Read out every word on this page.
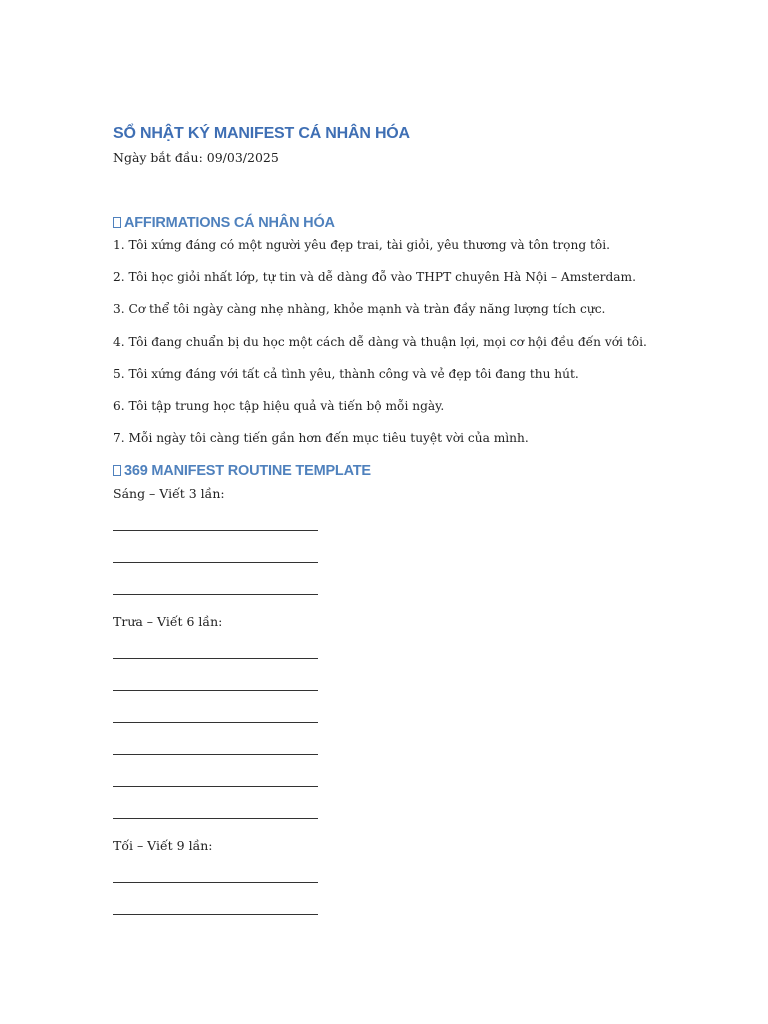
SỔ NHẬT KÝ MANIFEST CÁ NHÂN HÓA
Ngày bắt đầu: 09/03/2025
AFFIRMATIONS CÁ NHÂN HÓA
1. Tôi xứng đáng có một người yêu đẹp trai, tài giỏi, yêu thương và tôn trọng tôi.
2. Tôi học giỏi nhất lớp, tự tin và dễ dàng đỗ vào THPT chuyên Hà Nội – Amsterdam.
3. Cơ thể tôi ngày càng nhẹ nhàng, khỏe mạnh và tràn đầy năng lượng tích cực.
4. Tôi đang chuẩn bị du học một cách dễ dàng và thuận lợi, mọi cơ hội đều đến với tôi.
5. Tôi xứng đáng với tất cả tình yêu, thành công và vẻ đẹp tôi đang thu hút.
6. Tôi tập trung học tập hiệu quả và tiến bộ mỗi ngày.
7. Mỗi ngày tôi càng tiến gần hơn đến mục tiêu tuyệt vời của mình.
369 MANIFEST ROUTINE TEMPLATE
Sáng – Viết 3 lần:
Trưa – Viết 6 lần:
Tối – Viết 9 lần:
